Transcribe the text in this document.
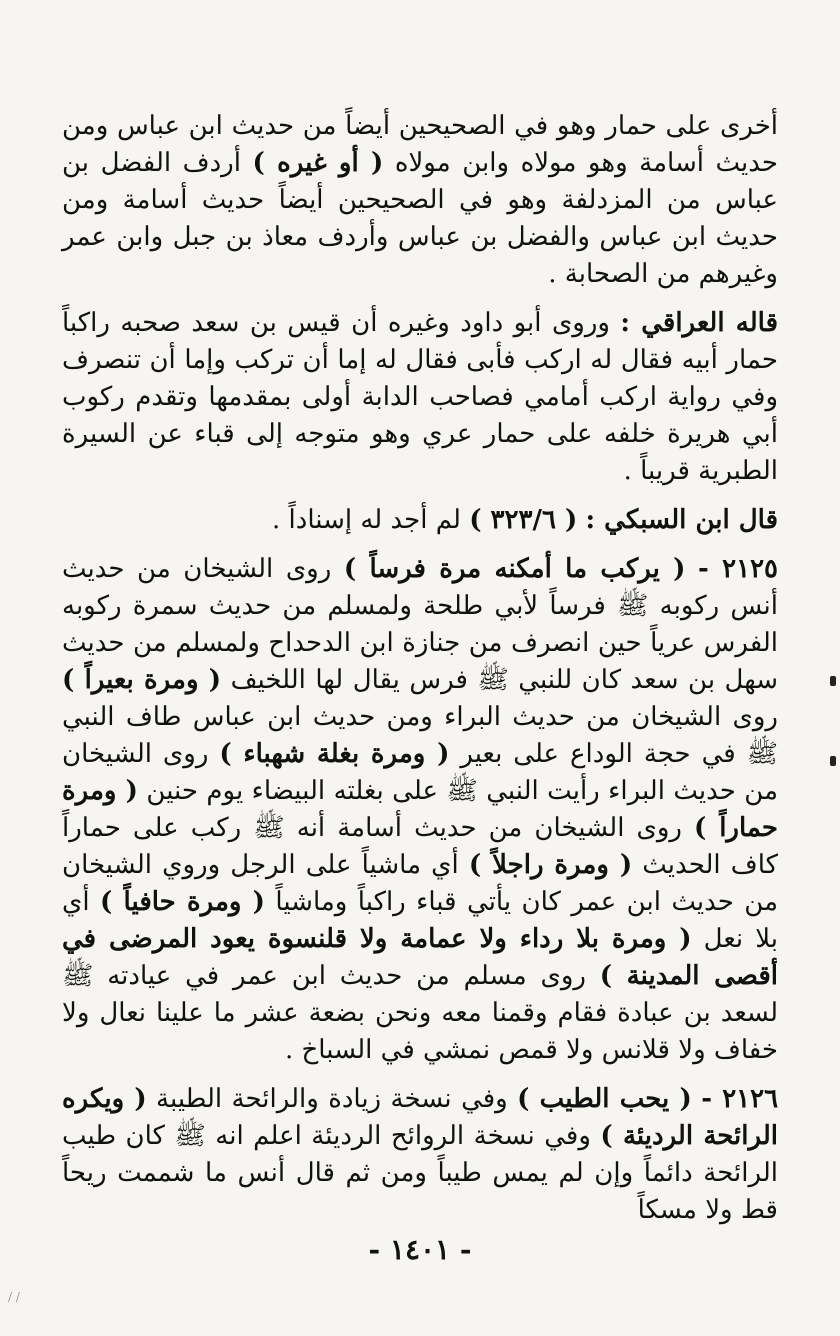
أخرى على حمار وهو في الصحيحين أيضاً من حديث ابن عباس ومن حديث أسامة وهو مولاه وابن مولاه ( أو غيره ) أردف الفضل بن عباس من المزدلفة وهو في الصحيحين أيضاً حديث أسامة ومن حديث ابن عباس والفضل بن عباس وأردف معاذ بن جبل وابن عمر وغيرهم من الصحابة .

قاله العراقي : وروى أبو داود وغيره أن قيس بن سعد صحبه راكباً حمار أبيه فقال له اركب فأبى فقال له إما أن تركب وإما أن تنصرف وفي رواية اركب أمامي فصاحب الدابة أولى بمقدمها وتقدم ركوب أبي هريرة خلفه على حمار عري وهو متوجه إلى قباء عن السيرة الطبرية قريباً .

قال ابن السبكي : ( ٣٢٣/٦ ) لم أجد له إسناداً .

٢١٢٥ - ( يركب ما أمكنه مرة فرساً ) روى الشيخان من حديث أنس ركوبه ﷺ فرساً لأبي طلحة ولمسلم من حديث سمرة ركوبه الفرس عرياً حين انصرف من جنازة ابن الدحداح ولمسلم من حديث سهل بن سعد كان للنبي ﷺ فرس يقال لها اللخيف ( ومرة بعيراً ) روى الشيخان من حديث البراء ومن حديث ابن عباس طاف النبي ﷺ في حجة الوداع على بعير ( ومرة بغلة شهباء ) روى الشيخان من حديث البراء رأيت النبي ﷺ على بغلته البيضاء يوم حنين ( ومرة حماراً ) روى الشيخان من حديث أسامة أنه ﷺ ركب على حماراً كاف الحديث ( ومرة راجلاً ) أي ماشياً على الرجل وروي الشيخان من حديث ابن عمر كان يأتي قباء راكباً وماشياً ( ومرة حافياً ) أي بلا نعل ( ومرة بلا رداء ولا عمامة ولا قلنسوة يعود المرضى في أقصى المدينة ) روى مسلم من حديث ابن عمر في عيادته ﷺ لسعد بن عبادة فقام وقمنا معه ونحن بضعة عشر ما علينا نعال ولا خفاف ولا قلانس ولا قمص نمشي في السباخ .

٢١٢٦ - ( يحب الطيب ) وفي نسخة زيادة والرائحة الطيبة ( ويكره الرائحة الرديئة ) وفي نسخة الروائح الرديئة اعلم انه ﷺ كان طيب الرائحة دائماً وإن لم يمس طيباً ومن ثم قال أنس ما شممت ريحاً قط ولا مسكاً

- ١٤٠١ -
/ /
